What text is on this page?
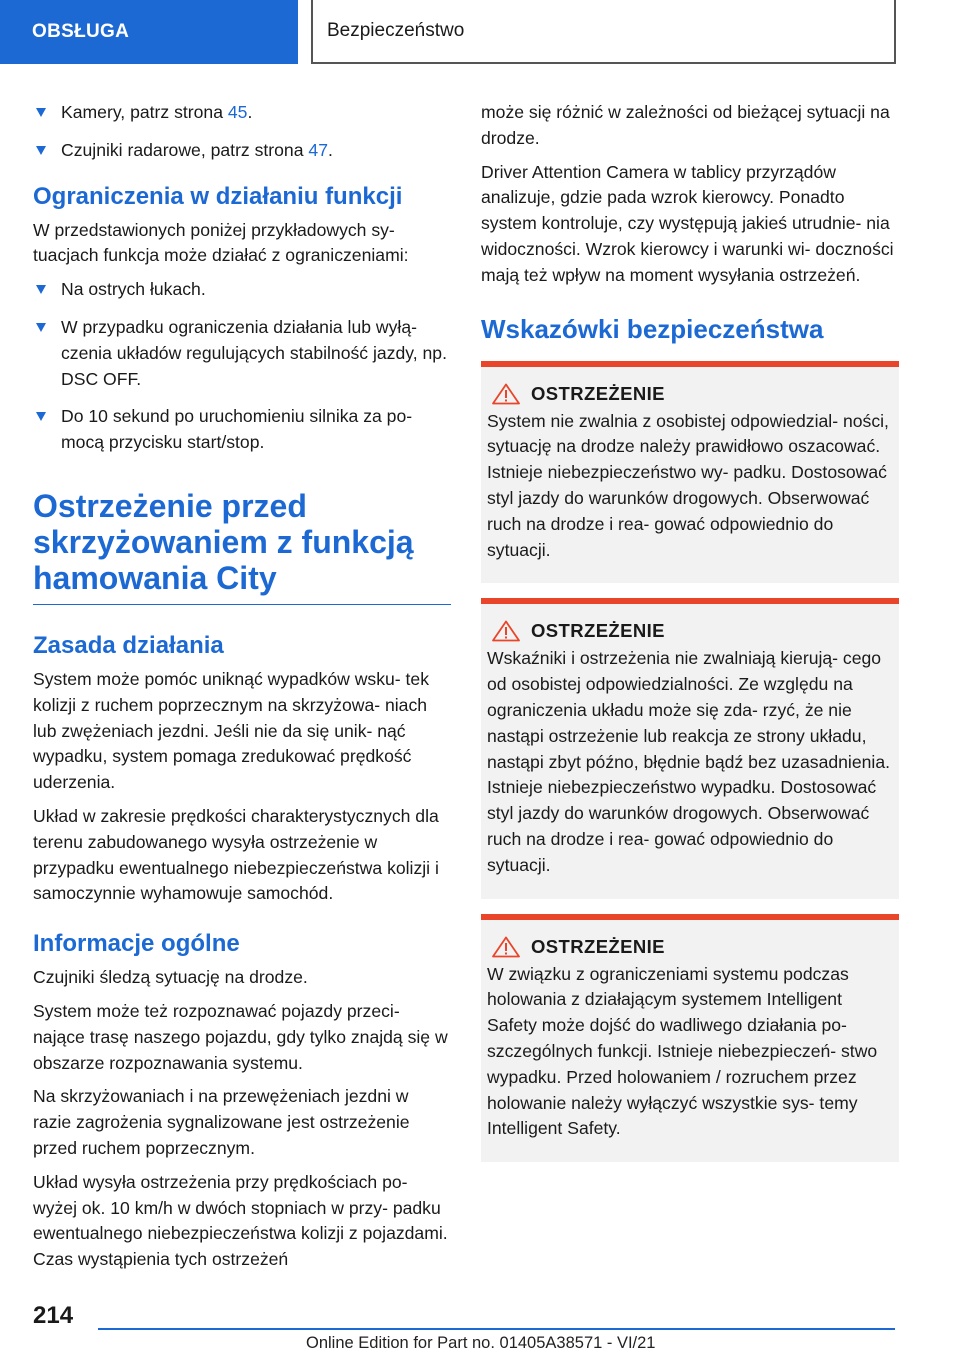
OBSŁUGA	Bezpieczeństwo
Kamery, patrz strona 45.
Czujniki radarowe, patrz strona 47.
Ograniczenia w działaniu funkcji

W przedstawionych poniżej przykładowych sy‐ tuacjach funkcja może działać z ograniczeniami:

Na ostrych łukach.
W przypadku ograniczenia działania lub wyłą‐ czenia układów regulujących stabilność jazdy, np. DSC OFF.
Do 10 sekund po uruchomieniu silnika za po‐ mocą przycisku start/stop.
Ostrzeżenie przed skrzyżowaniem z funkcją hamowania City
Zasada działania

System może pomóc uniknąć wypadków wsku‐ tek kolizji z ruchem poprzecznym na skrzyżowa‐ niach lub zwężeniach jezdni. Jeśli nie da się unik‐ nąć wypadku, system pomaga zredukować prędkość uderzenia.

Układ w zakresie prędkości charakterystycznych dla terenu zabudowanego wysyła ostrzeżenie w przypadku ewentualnego niebezpieczeństwa kolizji i samoczynnie wyhamowuje samochód.

Informacje ogólne

Czujniki śledzą sytuację na drodze.

System może też rozpoznawać pojazdy przeci‐ nające trasę naszego pojazdu, gdy tylko znajdą się w obszarze rozpoznawania systemu.

Na skrzyżowaniach i na przewężeniach jezdni w razie zagrożenia sygnalizowane jest ostrzeżenie przed ruchem poprzecznym.

Układ wysyła ostrzeżenia przy prędkościach po‐ wyżej ok. 10 km/h w dwóch stopniach w przy‐ padku ewentualnego niebezpieczeństwa kolizji z pojazdami. Czas wystąpienia tych ostrzeżeń

może się różnić w zależności od bieżącej sytuacji na drodze.

Driver Attention Camera w tablicy przyrządów analizuje, gdzie pada wzrok kierowcy. Ponadto system kontroluje, czy występują jakieś utrudnie‐ nia widoczności. Wzrok kierowcy i warunki wi‐ doczności mają też wpływ na moment wysyłania ostrzeżeń.

Wskazówki bezpieczeństwa
OSTRZEŻENIE

System nie zwalnia z osobistej odpowiedzial‐ ności, sytuację na drodze należy prawidłowo oszacować. Istnieje niebezpieczeństwo wy‐ padku. Dostosować styl jazdy do warunków drogowych. Obserwować ruch na drodze i rea‐ gować odpowiednio do sytuacji.

OSTRZEŻENIE

Wskaźniki i ostrzeżenia nie zwalniają kierują‐ cego od osobistej odpowiedzialności. Ze względu na ograniczenia układu może się zda‐ rzyć, że nie nastąpi ostrzeżenie lub reakcja ze strony układu, nastąpi zbyt późno, błędnie bądź bez uzasadnienia. Istnieje niebezpieczeństwo wypadku. Dostosować styl jazdy do warunków drogowych. Obserwować ruch na drodze i rea‐ gować odpowiednio do sytuacji.

OSTRZEŻENIE

W związku z ograniczeniami systemu podczas holowania z działającym systemem Intelligent Safety może dojść do wadliwego działania po‐ szczególnych funkcji. Istnieje niebezpieczeń‐ stwo wypadku. Przed holowaniem / rozruchem przez holowanie należy wyłączyć wszystkie sys‐ temy Intelligent Safety.

214
Online Edition for Part no. 01405A38571 - VI/21
